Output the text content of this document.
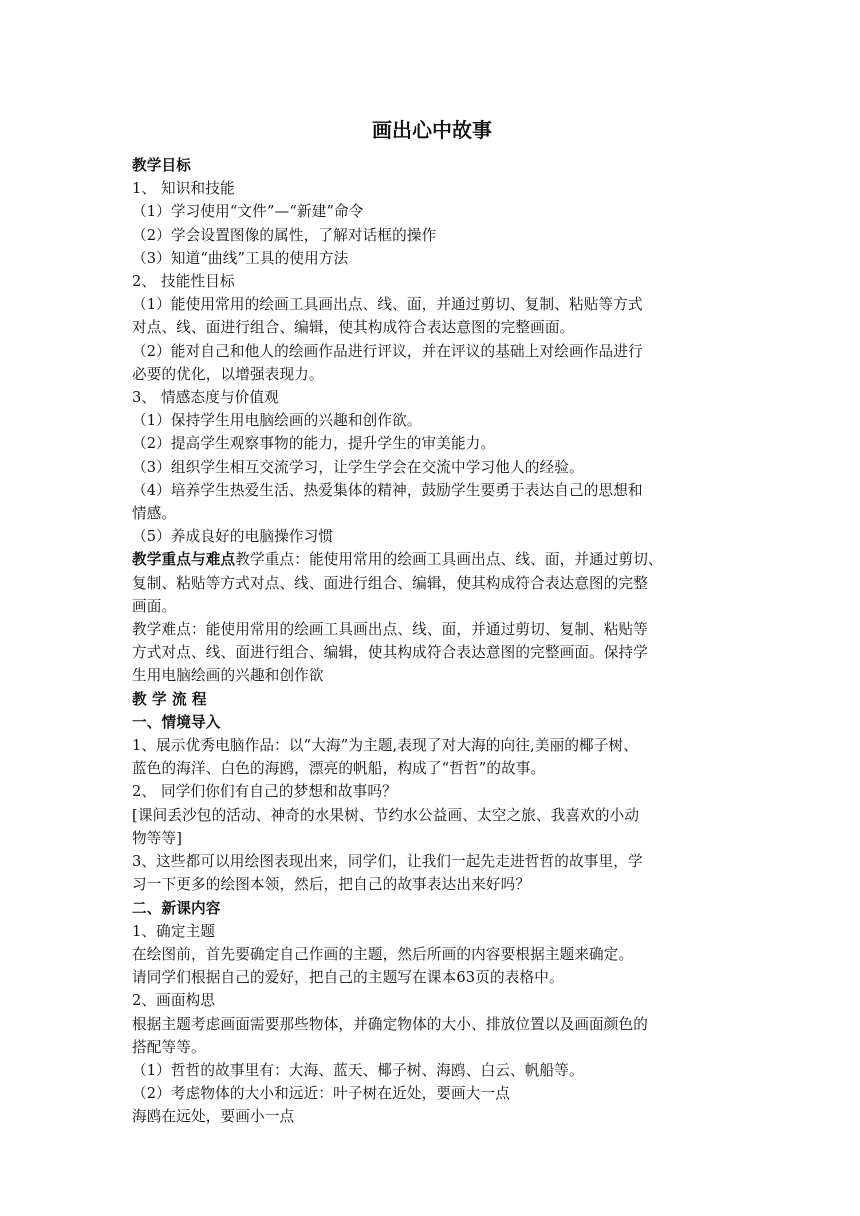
画出心中故事
教学目标
1、 知识和技能
（1）学习使用“文件”—“新建”命令
（2）学会设置图像的属性，了解对话框的操作
（3）知道“曲线”工具的使用方法
2、 技能性目标
（1）能使用常用的绘画工具画出点、线、面，并通过剪切、复制、粘贴等方式
对点、线、面进行组合、编辑，使其构成符合表达意图的完整画面。
（2）能对自己和他人的绘画作品进行评议，并在评议的基础上对绘画作品进行
必要的优化，以增强表现力。
3、 情感态度与价值观
（1）保持学生用电脑绘画的兴趣和创作欲。
（2）提高学生观察事物的能力，提升学生的审美能力。
（3）组织学生相互交流学习，让学生学会在交流中学习他人的经验。
（4）培养学生热爱生活、热爱集体的精神，鼓励学生要勇于表达自己的思想和
情感。
（5）养成良好的电脑操作习惯
教学重点与难点教学重点：能使用常用的绘画工具画出点、线、面，并通过剪切、
复制、粘贴等方式对点、线、面进行组合、编辑，使其构成符合表达意图的完整
画面。
教学难点：能使用常用的绘画工具画出点、线、面，并通过剪切、复制、粘贴等
方式对点、线、面进行组合、编辑，使其构成符合表达意图的完整画面。保持学
生用电脑绘画的兴趣和创作欲
教 学 流 程
一、情境导入
1、展示优秀电脑作品：以“大海”为主题,表现了对大海的向往,美丽的椰子树、
蓝色的海洋、白色的海鸥，漂亮的帆船，构成了“哲哲”的故事。
2、 同学们你们有自己的梦想和故事吗？
[课间丢沙包的活动、神奇的水果树、节约水公益画、太空之旅、我喜欢的小动
物等等]
3、这些都可以用绘图表现出来，同学们，让我们一起先走进哲哲的故事里，学
习一下更多的绘图本领，然后，把自己的故事表达出来好吗？
二、新课内容
1、确定主题
在绘图前，首先要确定自己作画的主题，然后所画的内容要根据主题来确定。
请同学们根据自己的爱好，把自己的主题写在课本63页的表格中。
2、画面构思
根据主题考虑画面需要那些物体，并确定物体的大小、排放位置以及画面颜色的
搭配等等。
（1）哲哲的故事里有：大海、蓝天、椰子树、海鸥、白云、帆船等。
（2）考虑物体的大小和远近：叶子树在近处，要画大一点
海鸥在远处，要画小一点
